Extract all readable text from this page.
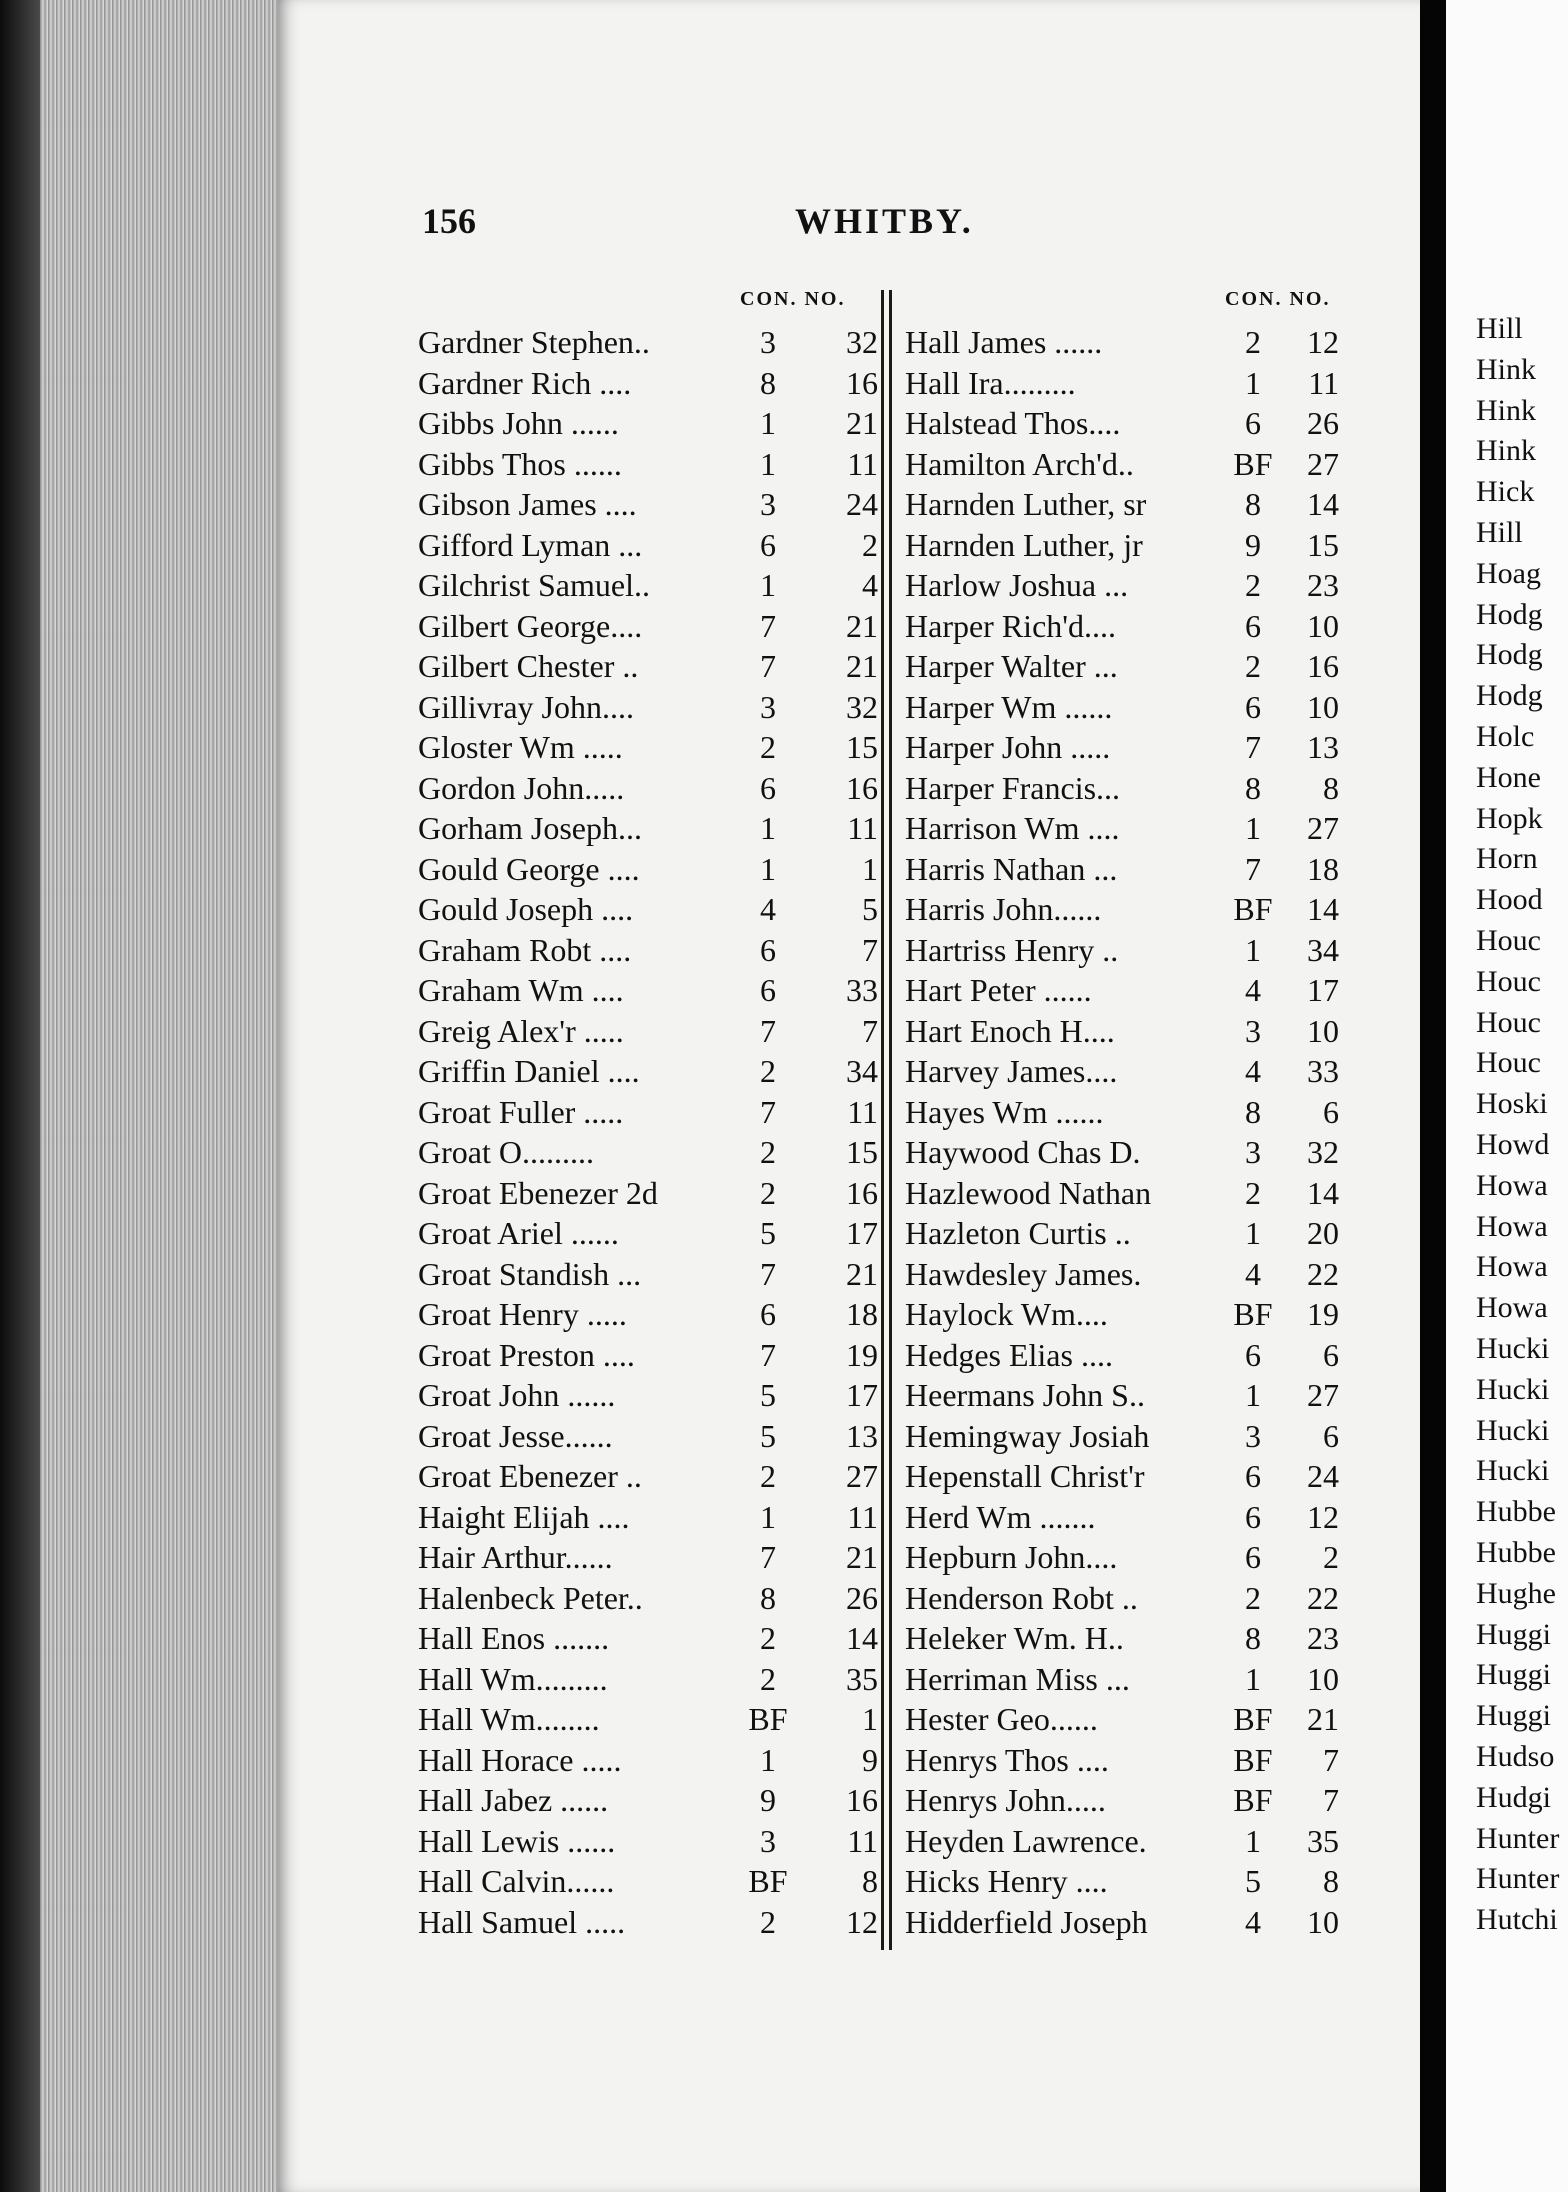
156	WHITBY.
CON. NO.	CON. NO.
Gardner Stephen..	3	32
Gardner Rich ....	8	16
Gibbs John ......	1	21
Gibbs Thos ......	1	11
Gibson James ....	3	24
Gifford Lyman ...	6	2
Gilchrist Samuel..	1	4
Gilbert George....	7	21
Gilbert Chester ..	7	21
Gillivray John....	3	32
Gloster Wm .....	2	15
Gordon John.....	6	16
Gorham Joseph...	1	11
Gould George ....	1	1
Gould Joseph ....	4	5
Graham Robt ....	6	7
Graham Wm ....	6	33
Greig Alex'r .....	7	7
Griffin Daniel ....	2	34
Groat Fuller .....	7	11
Groat O.........	2	15
Groat Ebenezer 2d	2	16
Groat Ariel ......	5	17
Groat Standish ...	7	21
Groat Henry .....	6	18
Groat Preston ....	7	19
Groat John ......	5	17
Groat Jesse......	5	13
Groat Ebenezer ..	2	27
Haight Elijah ....	1	11
Hair Arthur......	7	21
Halenbeck Peter..	8	26
Hall Enos .......	2	14
Hall Wm.........	2	35
Hall Wm........	BF	1
Hall Horace .....	1	9
Hall Jabez ......	9	16
Hall Lewis ......	3	11
Hall Calvin......	BF	8
Hall Samuel .....	2	12
Hall James ......	2	12
Hall Ira.........	1	11
Halstead Thos....	6	26
Hamilton Arch'd..	BF	27
Harnden Luther, sr	8	14
Harnden Luther, jr	9	15
Harlow Joshua ...	2	23
Harper Rich'd....	6	10
Harper Walter ...	2	16
Harper Wm ......	6	10
Harper John .....	7	13
Harper Francis...	8	8
Harrison Wm ....	1	27
Harris Nathan ...	7	18
Harris John......	BF	14
Hartriss Henry ..	1	34
Hart Peter ......	4	17
Hart Enoch H....	3	10
Harvey James....	4	33
Hayes Wm ......	8	6
Haywood Chas D.	3	32
Hazlewood Nathan	2	14
Hazleton Curtis ..	1	20
Hawdesley James.	4	22
Haylock Wm....	BF	19
Hedges Elias ....	6	6
Heermans John S..	1	27
Hemingway Josiah	3	6
Hepenstall Christ'r	6	24
Herd Wm .......	6	12
Hepburn John....	6	2
Henderson Robt ..	2	22
Heleker Wm. H..	8	23
Herriman Miss ...	1	10
Hester Geo......	BF	21
Henrys Thos ....	BF	7
Henrys John.....	BF	7
Heyden Lawrence.	1	35
Hicks Henry ....	5	8
Hidderfield Joseph	4	10
Hill
Hink
Hink
Hink
Hick
Hill
Hoag
Hodg
Hodg
Hodg
Holc
Hone
Hopk
Horn
Hood
Houc
Houc
Houc
Houc
Hoski
Howd
Howa
Howa
Howa
Howa
Hucki
Hucki
Hucki
Hucki
Hubbe
Hubbe
Hughe
Huggi
Huggi
Huggi
Hudso
Hudgi
Hunter
Hunter
Hutchi
